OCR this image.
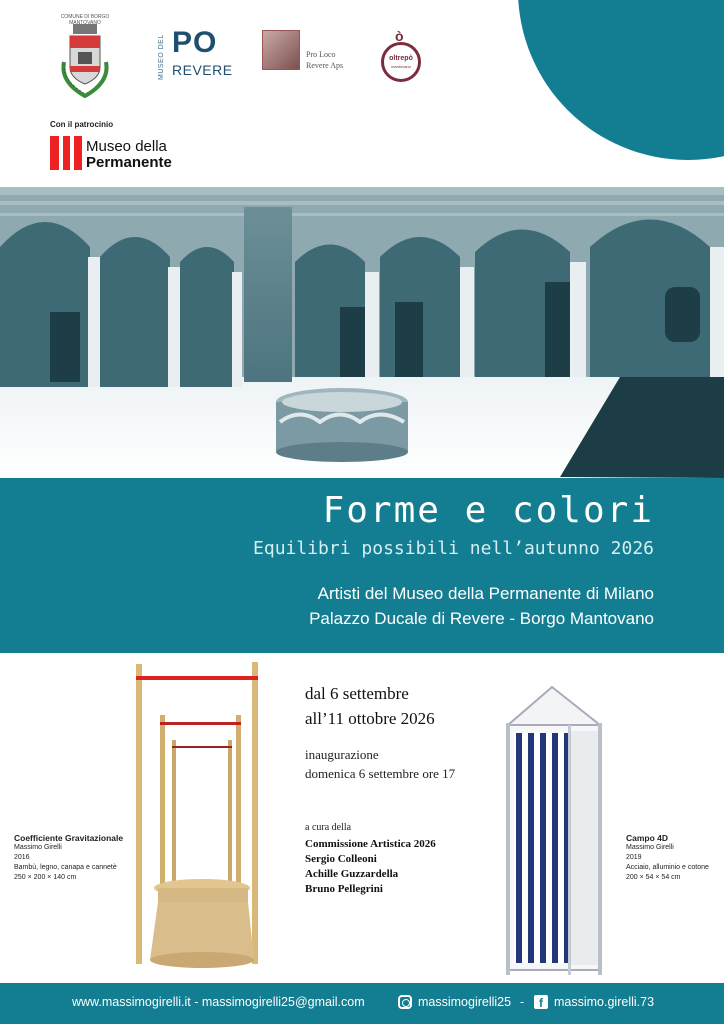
COMUNE DI BORGO MANTOVANO
MUSEO DEL PO
REVERE
Pro Loco
Revere Aps
ò
oltrepò
mantovano
Con il patrocinio
Museo della
Permanente
Forme e colori
Equilibri possibili nell’autunno 2026
Artisti del Museo della Permanente di Milano
Palazzo Ducale di Revere - Borgo Mantovano
dal 6 settembre
all’11 ottobre 2026
inaugurazione
domenica 6 settembre ore 17
a cura della
Commissione Artistica 2026
Sergio Colleoni
Achille Guzzardella
Bruno Pellegrini
Coefficiente Gravitazionale
Massimo Girelli
2016
Bambù, legno, canapa e cannetè
250 × 200 × 140 cm
Campo 4D
Massimo Girelli
2019
Acciaio, alluminio e cotone
200 × 54 × 54 cm
www.massimogirelli.it - massimogirelli25@gmail.com	massimogirelli25 -	f massimo.girelli.73
